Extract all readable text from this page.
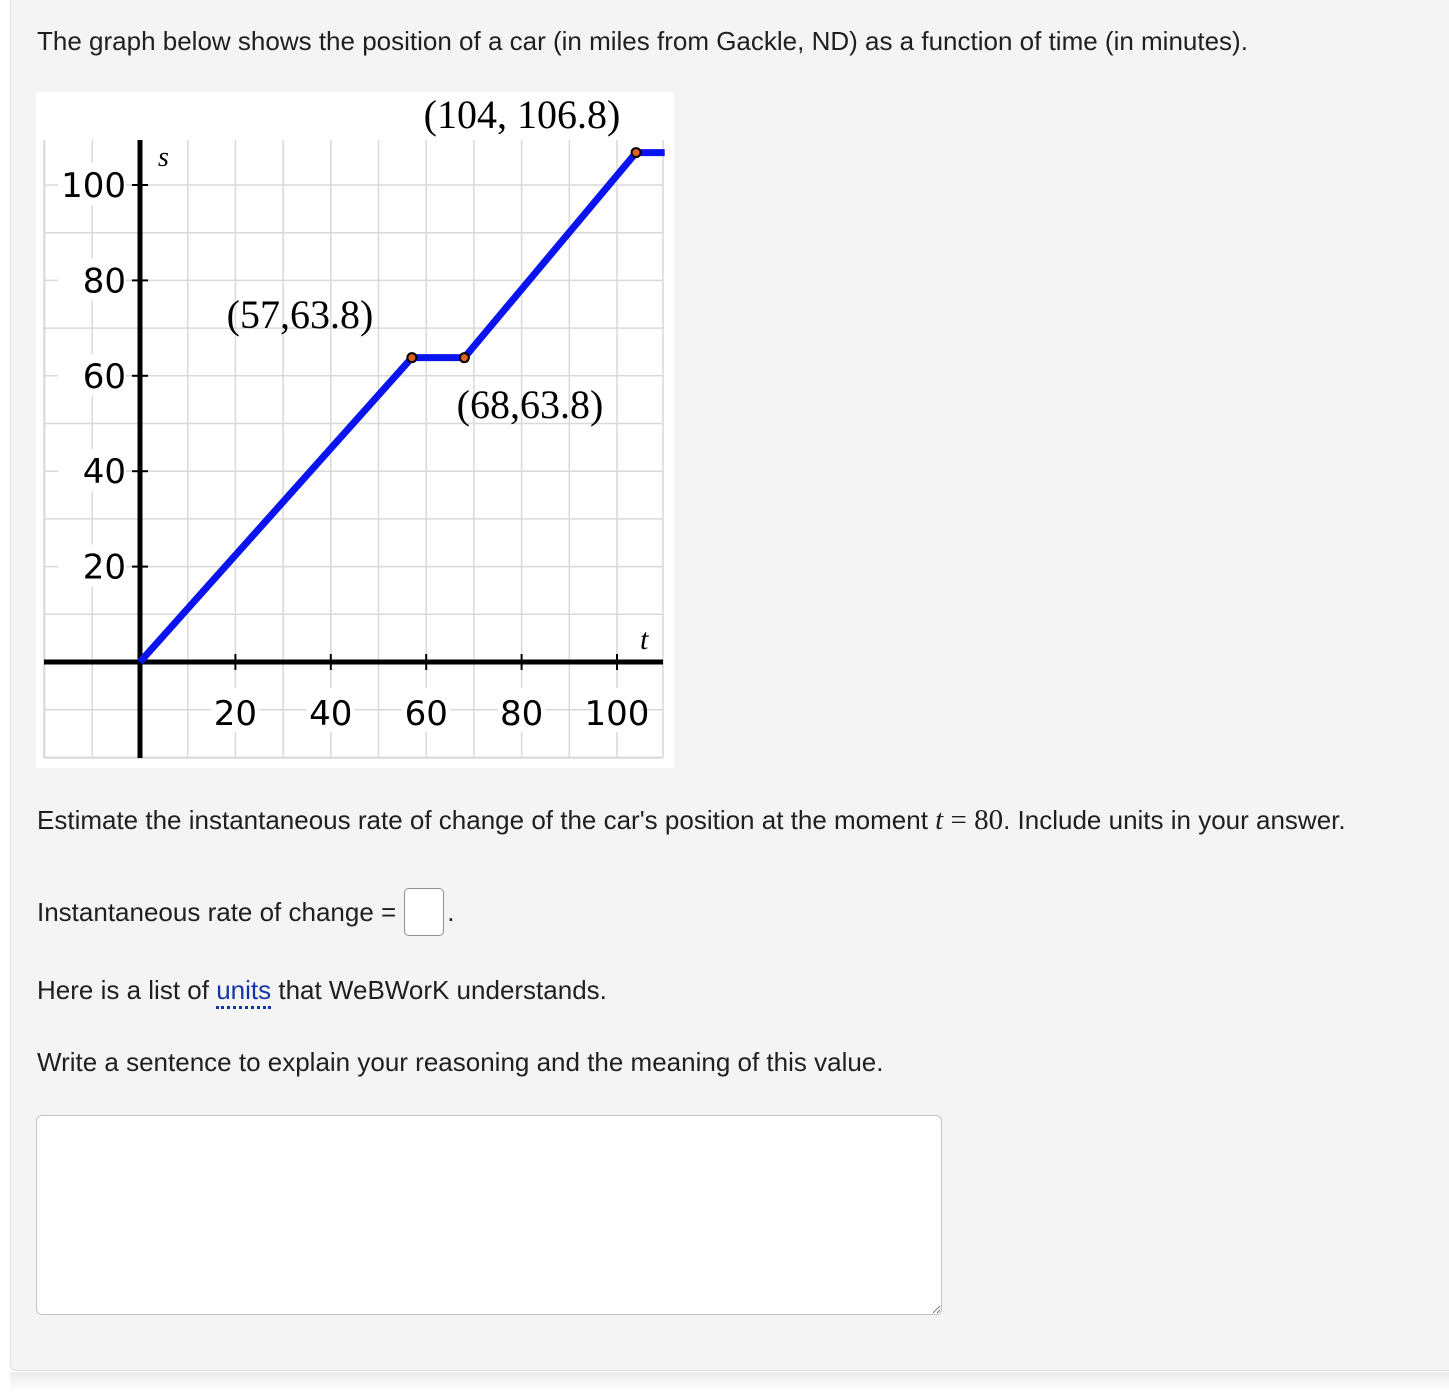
The graph below shows the position of a car (in miles from Gackle, ND) as a function of time (in minutes).
20 40 60 80 100
20
40
60
80
100
s
t
(57,63.8)
(68,63.8)
(104, 106.8)
Estimate the instantaneous rate of change of the car's position at the moment t = 80. Include units in your answer.
Instantaneous rate of change = .
Here is a list of units that WeBWorK understands.
Write a sentence to explain your reasoning and the meaning of this value.
